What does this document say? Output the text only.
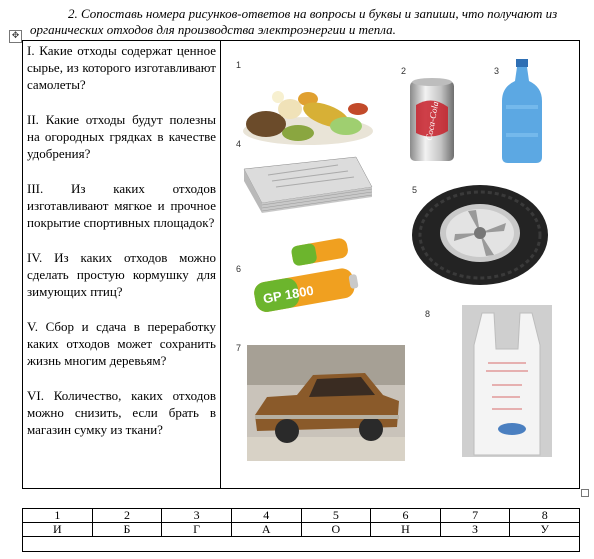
2. Сопоставь номера рисунков-ответов на вопросы и буквы и запиши, что получают из органических отходов для производства электроэнергии и тепла.
✥

I. Какие отходы содержат ценное сырье, из которого изготавливают самолеты?

II. Какие отходы будут полезны на огородных грядках в качестве удобрения?

III. Из каких отходов изготавливают мягкое и прочное покрытие спортивных площадок?

IV. Из каких отходов можно сделать простую кормушку для зимующих птиц?

V. Сбор и сдача в переработку каких отходов может сохранить жизнь многим деревьям?

VI. Количество, каких отходов можно снизить, если брать в магазин сумку из ткани?

1
2
Coca-Cola
3
4
5
6
GP 1800
7
8
1	2	3	4	5	6	7	8
И	Б	Г	А	О	Н	З	У
